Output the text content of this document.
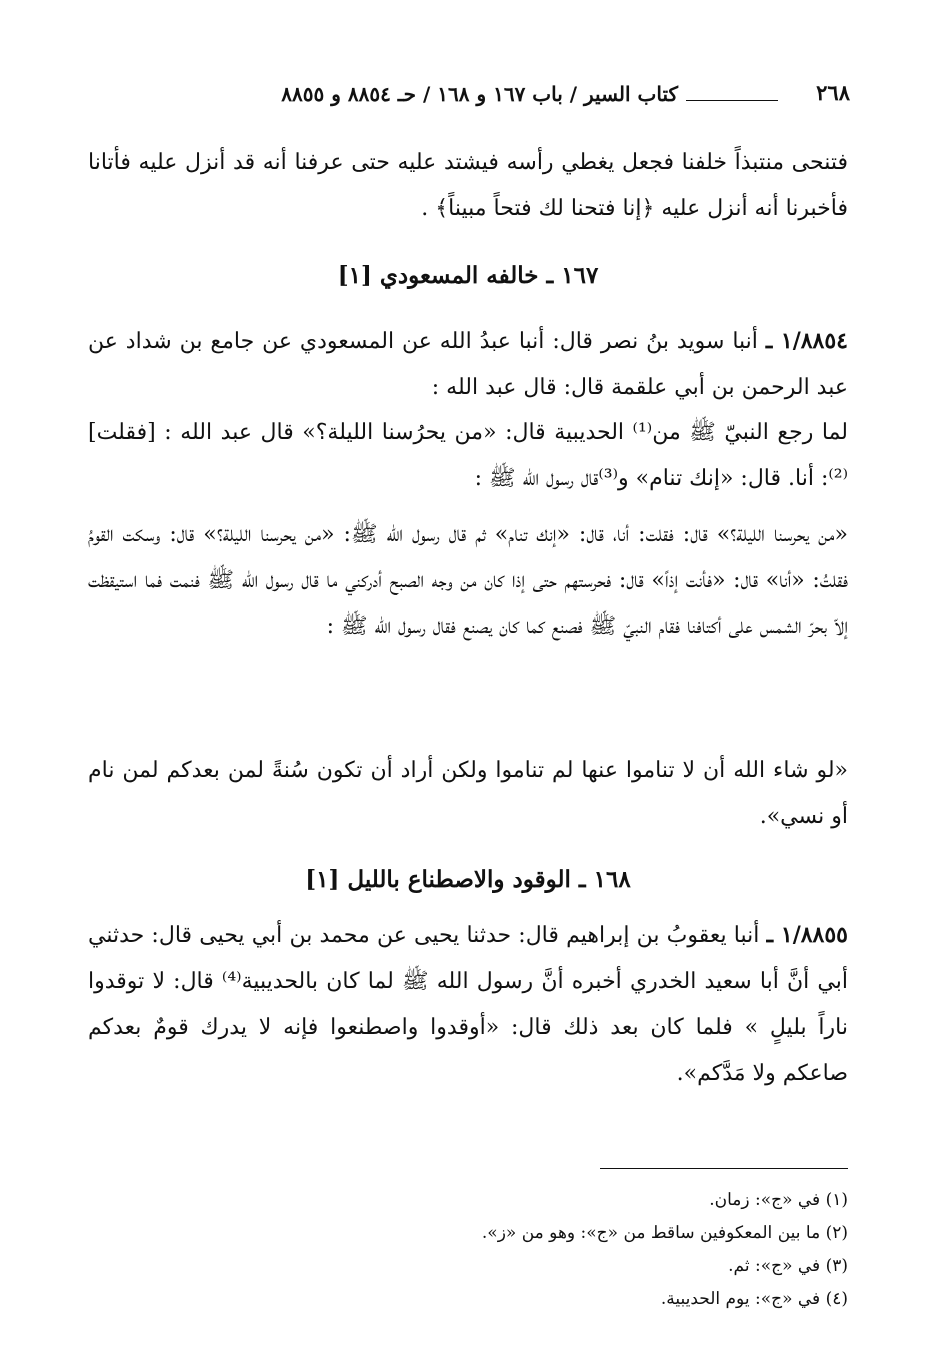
٢٦٨
كتاب السير / باب ١٦٧ و ١٦٨ / حـ ٨٨٥٤ و ٨٨٥٥

فتنحى منتبذاً خلفنا فجعل يغطي رأسه فيشتد عليه حتى عرفنا أنه قد أنزل عليه فأتانا فأخبرنا أنه أنزل عليه ﴿إنا فتحنا لك فتحاً مبيناً﴾ .

١٦٧ ـ خالفه المسعودي [١]

١/٨٨٥٤ ـ أنبا سويد بنُ نصر قال: أنبا عبدُ الله عن المسعودي عن جامع بن شداد عن عبد الرحمن بن أبي علقمة قال: قال عبد الله :

لما رجع النبيّ ﷺ من⁽¹⁾ الحديبية قال: «من يحرُسنا الليلة؟» قال عبد الله : [فقلت]⁽²⁾: أنا. قال: «إنك تنام» و⁽³⁾قال رسول الله ﷺ :

«من يحرسنا الليلة؟» قال: فقلت: أنا، قال: «إنك تنام» ثم قال رسول الله ﷺ: «من يحرسنا الليلة؟» قال: وسكت القومُ فقلتُ: «أنا» قال: «فأنت إذاً» قال: فحرستهم حتى إذا كان من وجه الصبح أدركني ما قال رسول الله ﷺ فنمت فما استيقظت إلاّ بحرّ الشمس على أكتافنا فقام النبيّ ﷺ فصنع كما كان يصنع فقال رسول الله ﷺ :

«لو شاء الله أن لا تناموا عنها لم تناموا ولكن أراد أن تكون سُنةً لمن بعدكم لمن نام أو نسي».

١٦٨ ـ الوقود والاصطناع بالليل [١]

١/٨٨٥٥ ـ أنبا يعقوبُ بن إبراهيم قال: حدثنا يحيى عن محمد بن أبي يحيى قال: حدثني أبي أنَّ أبا سعيد الخدري أخبره أنَّ رسول الله ﷺ لما كان بالحديبية⁽⁴⁾ قال: لا توقدوا ناراً بليلٍ » فلما كان بعد ذلك قال: «أوقدوا واصطنعوا فإنه لا يدرك قومٌ بعدكم صاعكم ولا مَدَّكم».

(١) في «ج»: زمان.
(٢) ما بين المعكوفين ساقط من «ج»: وهو من «ز».
(٣) في «ج»: ثم.
(٤) في «ج»: يوم الحديبية.
